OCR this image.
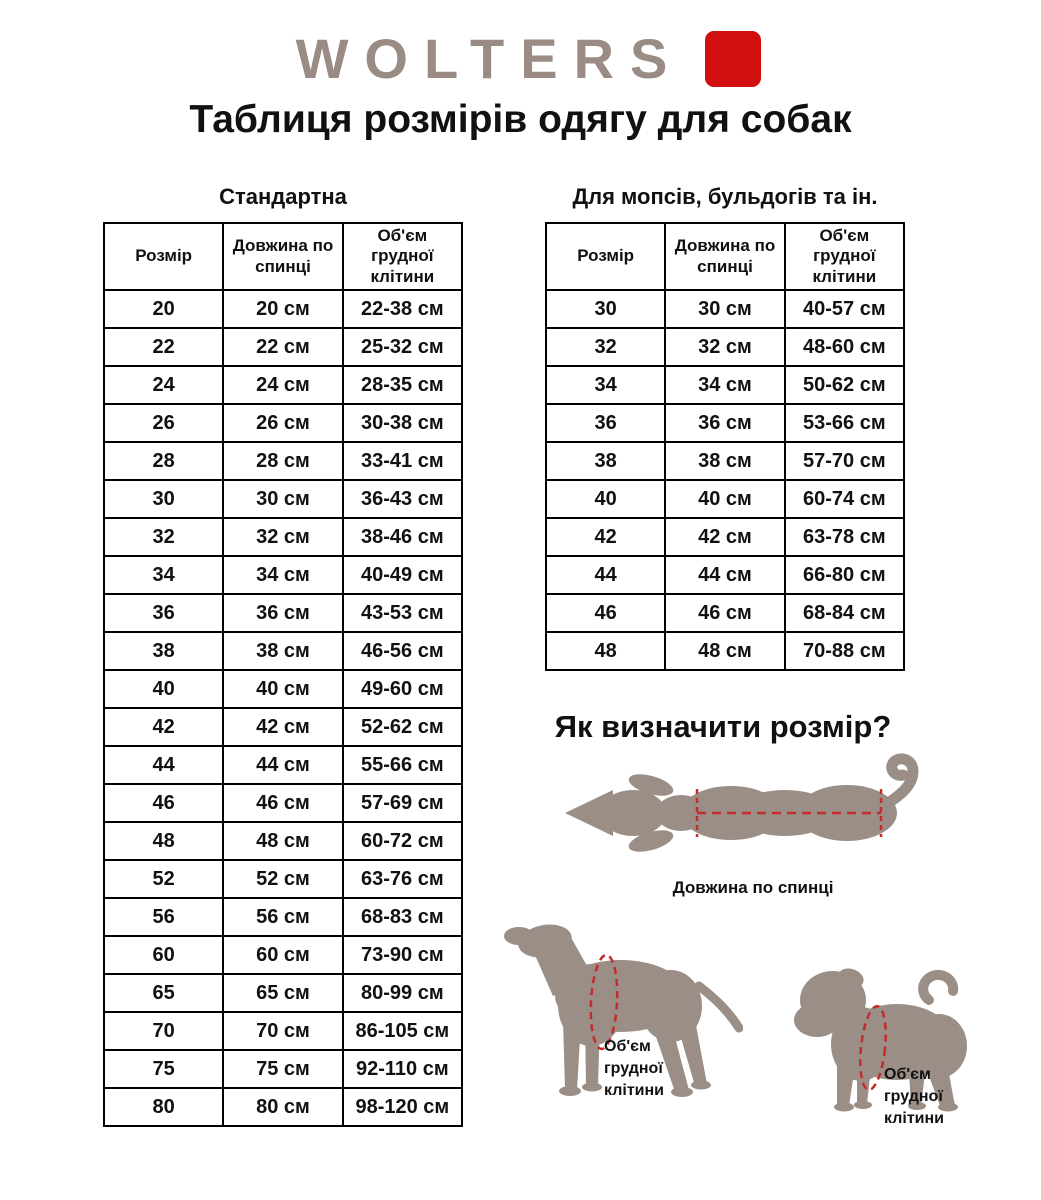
WOLTERS
Таблиця розмірів одягу для собак
Стандартна
Розмір	Довжина по спинці	Об'єм грудної клітини
20	20 см	22-38 см
22	22 см	25-32 см
24	24 см	28-35 см
26	26 см	30-38 см
28	28 см	33-41 см
30	30 см	36-43 см
32	32 см	38-46 см
34	34 см	40-49 см
36	36 см	43-53 см
38	38 см	46-56 см
40	40 см	49-60 см
42	42 см	52-62 см
44	44 см	55-66 см
46	46 см	57-69 см
48	48 см	60-72 см
52	52 см	63-76 см
56	56 см	68-83 см
60	60 см	73-90 см
65	65 см	80-99 см
70	70 см	86-105 см
75	75 см	92-110 см
80	80 см	98-120 см
Для мопсів, бульдогів та ін.
Розмір	Довжина по спинці	Об'єм грудної клітини
30	30 см	40-57 см
32	32 см	48-60 см
34	34 см	50-62 см
36	36 см	53-66 см
38	38 см	57-70 см
40	40 см	60-74 см
42	42 см	63-78 см
44	44 см	66-80 см
46	46 см	68-84 см
48	48 см	70-88 см
Як визначити розмір?
Довжина по спинці
Об'єм
грудної
клітини
Об'єм
грудної
клітини
